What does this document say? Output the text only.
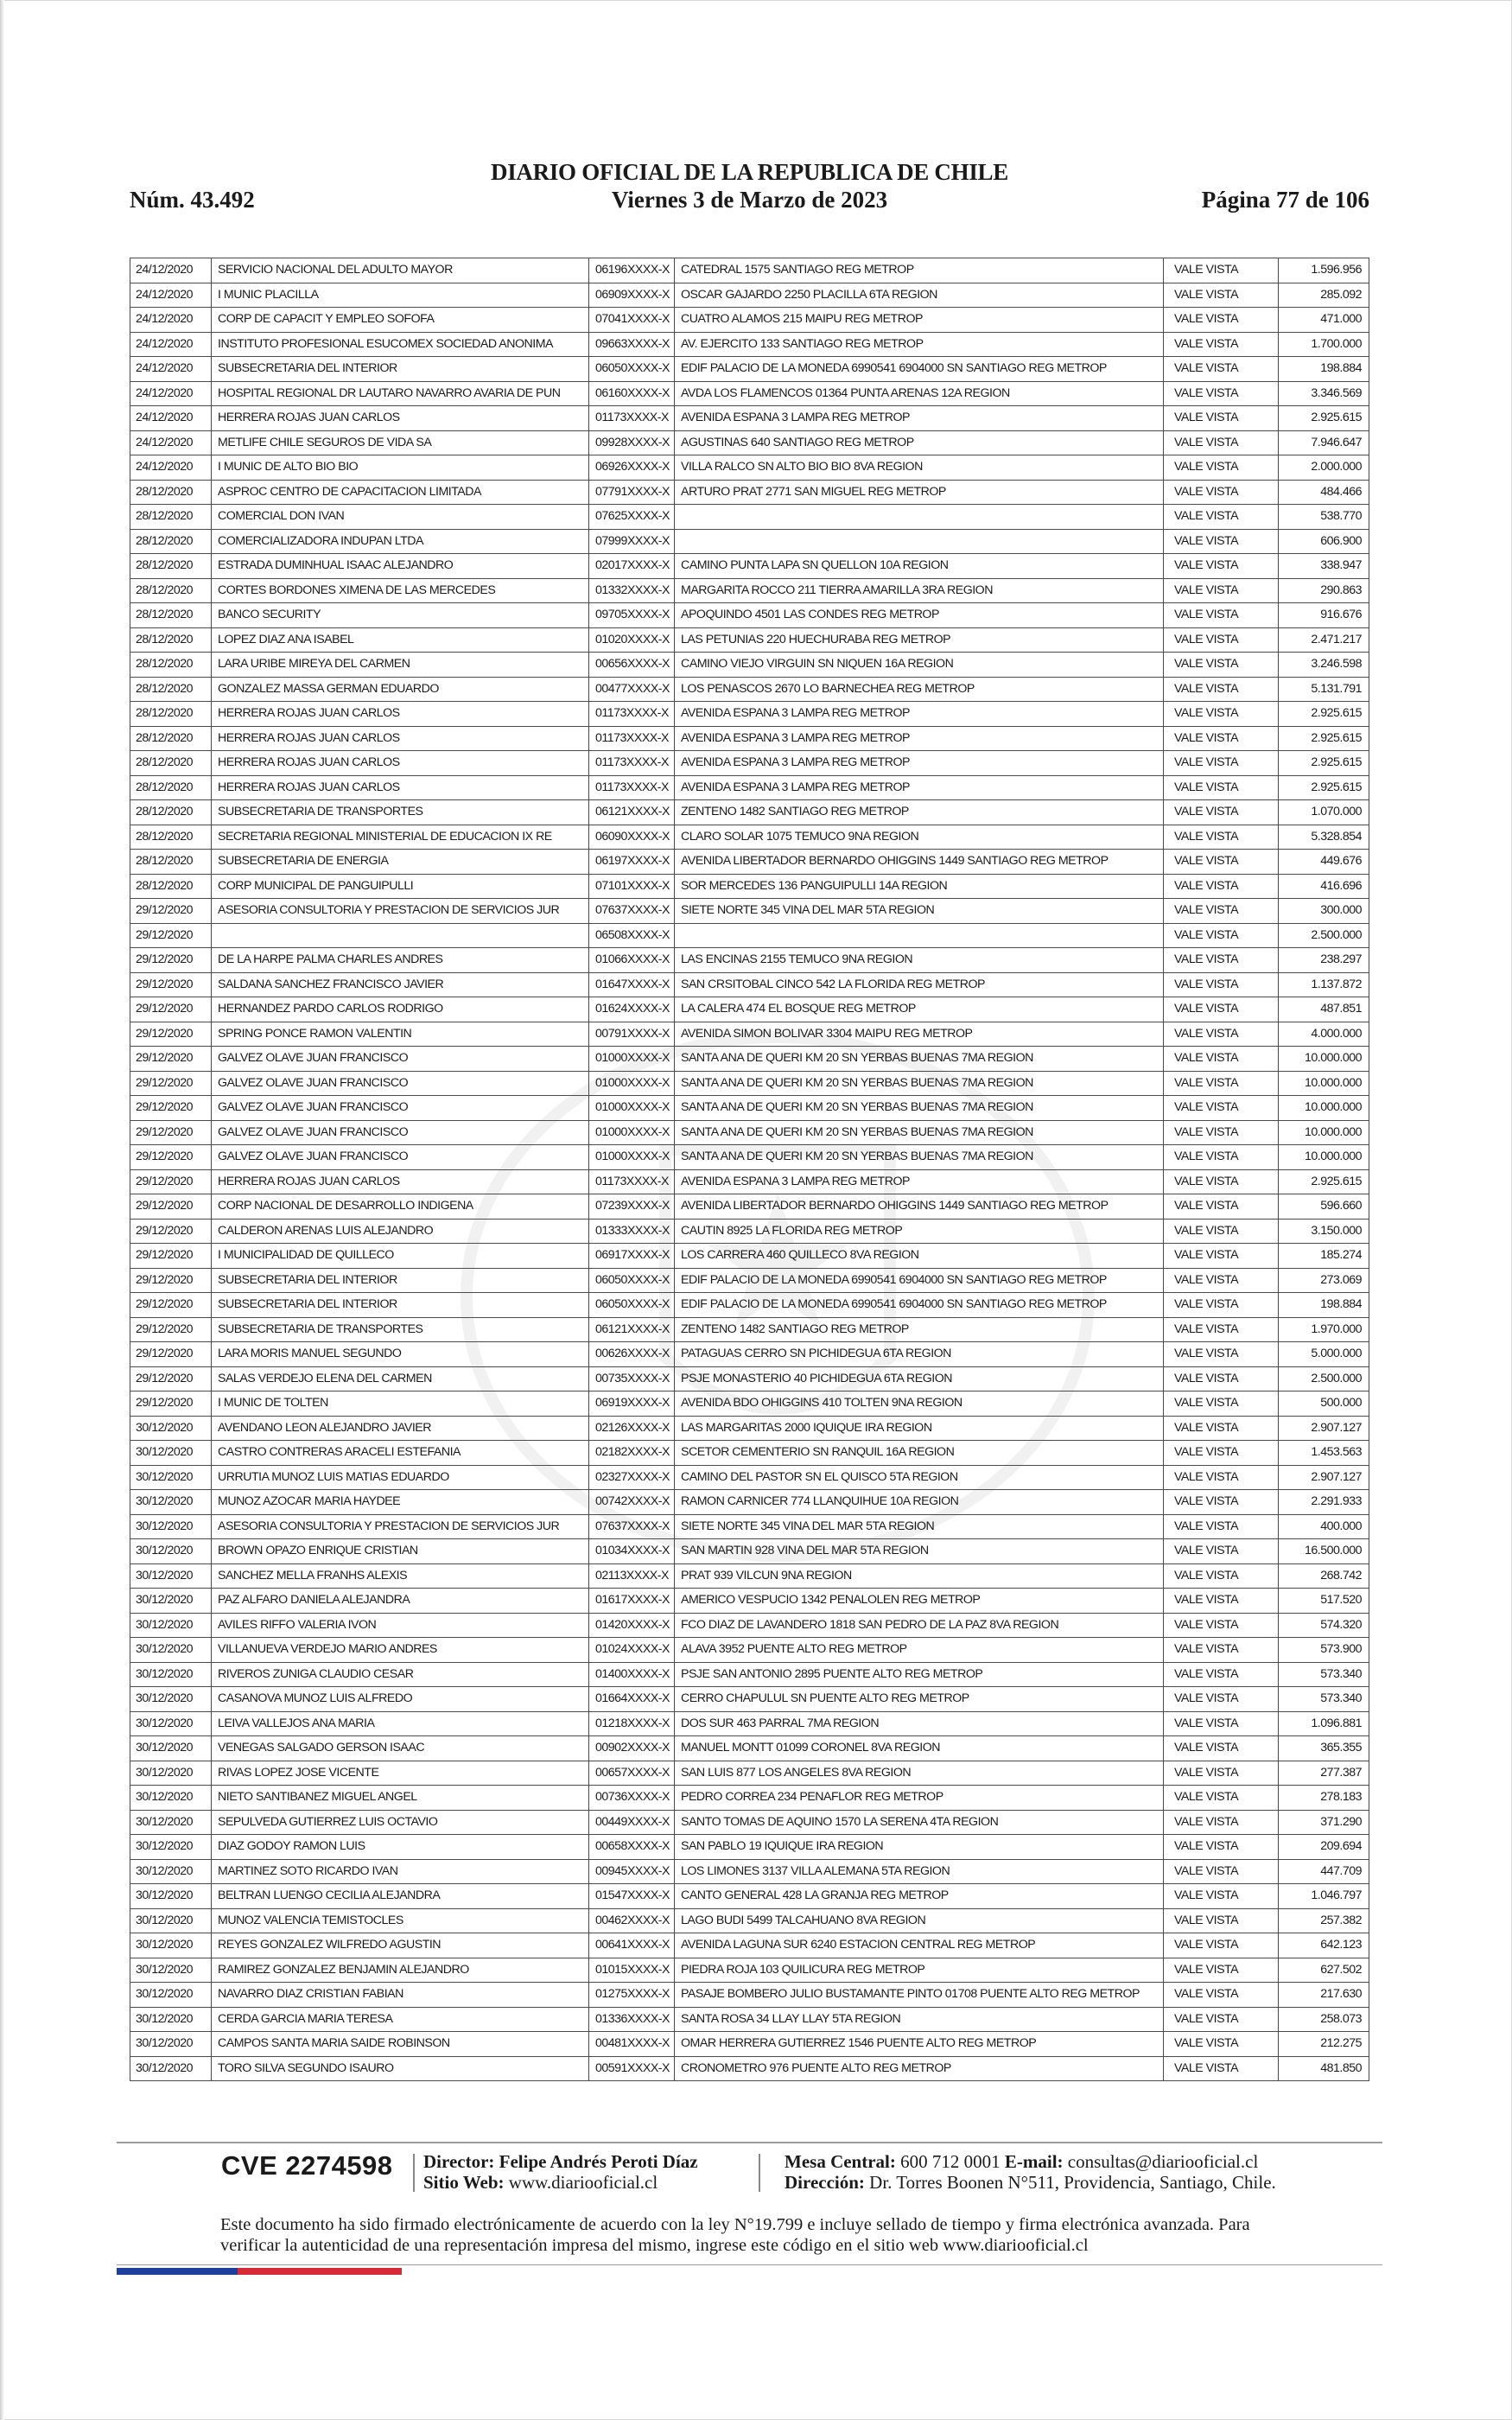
DIARIO OFICIAL DE LA REPUBLICA DE CHILE
Núm. 43.492	Viernes 3 de Marzo de 2023	Página 77 de 106
24/12/2020	SERVICIO NACIONAL DEL ADULTO MAYOR	06196XXXX-X	CATEDRAL 1575 SANTIAGO REG METROP	VALE VISTA	1.596.956
24/12/2020	I MUNIC PLACILLA	06909XXXX-X	OSCAR GAJARDO 2250 PLACILLA 6TA REGION	VALE VISTA	285.092
24/12/2020	CORP DE CAPACIT Y EMPLEO SOFOFA	07041XXXX-X	CUATRO ALAMOS 215 MAIPU REG METROP	VALE VISTA	471.000
24/12/2020	INSTITUTO PROFESIONAL ESUCOMEX SOCIEDAD ANONIMA	09663XXXX-X	AV. EJERCITO 133 SANTIAGO REG METROP	VALE VISTA	1.700.000
24/12/2020	SUBSECRETARIA DEL INTERIOR	06050XXXX-X	EDIF PALACIO DE LA MONEDA 6990541 6904000 SN SANTIAGO REG METROP	VALE VISTA	198.884
24/12/2020	HOSPITAL REGIONAL DR LAUTARO NAVARRO AVARIA DE PUN	06160XXXX-X	AVDA LOS FLAMENCOS 01364 PUNTA ARENAS 12A REGION	VALE VISTA	3.346.569
24/12/2020	HERRERA ROJAS JUAN CARLOS	01173XXXX-X	AVENIDA ESPANA 3 LAMPA REG METROP	VALE VISTA	2.925.615
24/12/2020	METLIFE CHILE SEGUROS DE VIDA SA	09928XXXX-X	AGUSTINAS 640 SANTIAGO REG METROP	VALE VISTA	7.946.647
24/12/2020	I MUNIC DE ALTO BIO BIO	06926XXXX-X	VILLA RALCO SN ALTO BIO BIO 8VA REGION	VALE VISTA	2.000.000
28/12/2020	ASPROC CENTRO DE CAPACITACION LIMITADA	07791XXXX-X	ARTURO PRAT 2771 SAN MIGUEL REG METROP	VALE VISTA	484.466
28/12/2020	COMERCIAL DON IVAN	07625XXXX-X		VALE VISTA	538.770
28/12/2020	COMERCIALIZADORA INDUPAN LTDA	07999XXXX-X		VALE VISTA	606.900
28/12/2020	ESTRADA DUMINHUAL ISAAC ALEJANDRO	02017XXXX-X	CAMINO PUNTA LAPA SN QUELLON 10A REGION	VALE VISTA	338.947
28/12/2020	CORTES BORDONES XIMENA DE LAS MERCEDES	01332XXXX-X	MARGARITA ROCCO 211 TIERRA AMARILLA 3RA REGION	VALE VISTA	290.863
28/12/2020	BANCO SECURITY	09705XXXX-X	APOQUINDO 4501 LAS CONDES REG METROP	VALE VISTA	916.676
28/12/2020	LOPEZ DIAZ ANA ISABEL	01020XXXX-X	LAS PETUNIAS 220 HUECHURABA REG METROP	VALE VISTA	2.471.217
28/12/2020	LARA URIBE MIREYA DEL CARMEN	00656XXXX-X	CAMINO VIEJO VIRGUIN SN NIQUEN 16A REGION	VALE VISTA	3.246.598
28/12/2020	GONZALEZ MASSA GERMAN EDUARDO	00477XXXX-X	LOS PENASCOS 2670 LO BARNECHEA REG METROP	VALE VISTA	5.131.791
28/12/2020	HERRERA ROJAS JUAN CARLOS	01173XXXX-X	AVENIDA ESPANA 3 LAMPA REG METROP	VALE VISTA	2.925.615
28/12/2020	HERRERA ROJAS JUAN CARLOS	01173XXXX-X	AVENIDA ESPANA 3 LAMPA REG METROP	VALE VISTA	2.925.615
28/12/2020	HERRERA ROJAS JUAN CARLOS	01173XXXX-X	AVENIDA ESPANA 3 LAMPA REG METROP	VALE VISTA	2.925.615
28/12/2020	HERRERA ROJAS JUAN CARLOS	01173XXXX-X	AVENIDA ESPANA 3 LAMPA REG METROP	VALE VISTA	2.925.615
28/12/2020	SUBSECRETARIA DE TRANSPORTES	06121XXXX-X	ZENTENO 1482 SANTIAGO REG METROP	VALE VISTA	1.070.000
28/12/2020	SECRETARIA REGIONAL MINISTERIAL DE EDUCACION IX RE	06090XXXX-X	CLARO SOLAR 1075 TEMUCO 9NA REGION	VALE VISTA	5.328.854
28/12/2020	SUBSECRETARIA DE ENERGIA	06197XXXX-X	AVENIDA LIBERTADOR BERNARDO OHIGGINS 1449 SANTIAGO REG METROP	VALE VISTA	449.676
28/12/2020	CORP MUNICIPAL DE PANGUIPULLI	07101XXXX-X	SOR MERCEDES 136 PANGUIPULLI 14A REGION	VALE VISTA	416.696
29/12/2020	ASESORIA CONSULTORIA Y PRESTACION DE SERVICIOS JUR	07637XXXX-X	SIETE NORTE 345 VINA DEL MAR 5TA REGION	VALE VISTA	300.000
29/12/2020		06508XXXX-X		VALE VISTA	2.500.000
29/12/2020	DE LA HARPE PALMA CHARLES ANDRES	01066XXXX-X	LAS ENCINAS 2155 TEMUCO 9NA REGION	VALE VISTA	238.297
29/12/2020	SALDANA SANCHEZ FRANCISCO JAVIER	01647XXXX-X	SAN CRSITOBAL CINCO 542 LA FLORIDA REG METROP	VALE VISTA	1.137.872
29/12/2020	HERNANDEZ PARDO CARLOS RODRIGO	01624XXXX-X	LA CALERA 474 EL BOSQUE REG METROP	VALE VISTA	487.851
29/12/2020	SPRING PONCE RAMON VALENTIN	00791XXXX-X	AVENIDA SIMON BOLIVAR 3304 MAIPU REG METROP	VALE VISTA	4.000.000
29/12/2020	GALVEZ OLAVE JUAN FRANCISCO	01000XXXX-X	SANTA ANA DE QUERI KM 20 SN YERBAS BUENAS 7MA REGION	VALE VISTA	10.000.000
29/12/2020	GALVEZ OLAVE JUAN FRANCISCO	01000XXXX-X	SANTA ANA DE QUERI KM 20 SN YERBAS BUENAS 7MA REGION	VALE VISTA	10.000.000
29/12/2020	GALVEZ OLAVE JUAN FRANCISCO	01000XXXX-X	SANTA ANA DE QUERI KM 20 SN YERBAS BUENAS 7MA REGION	VALE VISTA	10.000.000
29/12/2020	GALVEZ OLAVE JUAN FRANCISCO	01000XXXX-X	SANTA ANA DE QUERI KM 20 SN YERBAS BUENAS 7MA REGION	VALE VISTA	10.000.000
29/12/2020	GALVEZ OLAVE JUAN FRANCISCO	01000XXXX-X	SANTA ANA DE QUERI KM 20 SN YERBAS BUENAS 7MA REGION	VALE VISTA	10.000.000
29/12/2020	HERRERA ROJAS JUAN CARLOS	01173XXXX-X	AVENIDA ESPANA 3 LAMPA REG METROP	VALE VISTA	2.925.615
29/12/2020	CORP NACIONAL DE DESARROLLO INDIGENA	07239XXXX-X	AVENIDA LIBERTADOR BERNARDO OHIGGINS 1449 SANTIAGO REG METROP	VALE VISTA	596.660
29/12/2020	CALDERON ARENAS LUIS ALEJANDRO	01333XXXX-X	CAUTIN 8925 LA FLORIDA REG METROP	VALE VISTA	3.150.000
29/12/2020	I MUNICIPALIDAD DE QUILLECO	06917XXXX-X	LOS CARRERA 460 QUILLECO 8VA REGION	VALE VISTA	185.274
29/12/2020	SUBSECRETARIA DEL INTERIOR	06050XXXX-X	EDIF PALACIO DE LA MONEDA 6990541 6904000 SN SANTIAGO REG METROP	VALE VISTA	273.069
29/12/2020	SUBSECRETARIA DEL INTERIOR	06050XXXX-X	EDIF PALACIO DE LA MONEDA 6990541 6904000 SN SANTIAGO REG METROP	VALE VISTA	198.884
29/12/2020	SUBSECRETARIA DE TRANSPORTES	06121XXXX-X	ZENTENO 1482 SANTIAGO REG METROP	VALE VISTA	1.970.000
29/12/2020	LARA MORIS MANUEL SEGUNDO	00626XXXX-X	PATAGUAS CERRO SN PICHIDEGUA 6TA REGION	VALE VISTA	5.000.000
29/12/2020	SALAS VERDEJO ELENA DEL CARMEN	00735XXXX-X	PSJE MONASTERIO 40 PICHIDEGUA 6TA REGION	VALE VISTA	2.500.000
29/12/2020	I MUNIC DE TOLTEN	06919XXXX-X	AVENIDA BDO OHIGGINS 410 TOLTEN 9NA REGION	VALE VISTA	500.000
30/12/2020	AVENDANO LEON ALEJANDRO JAVIER	02126XXXX-X	LAS MARGARITAS 2000 IQUIQUE IRA REGION	VALE VISTA	2.907.127
30/12/2020	CASTRO CONTRERAS ARACELI ESTEFANIA	02182XXXX-X	SCETOR CEMENTERIO SN RANQUIL 16A REGION	VALE VISTA	1.453.563
30/12/2020	URRUTIA MUNOZ LUIS MATIAS EDUARDO	02327XXXX-X	CAMINO DEL PASTOR SN EL QUISCO 5TA REGION	VALE VISTA	2.907.127
30/12/2020	MUNOZ AZOCAR MARIA HAYDEE	00742XXXX-X	RAMON CARNICER 774 LLANQUIHUE 10A REGION	VALE VISTA	2.291.933
30/12/2020	ASESORIA CONSULTORIA Y PRESTACION DE SERVICIOS JUR	07637XXXX-X	SIETE NORTE 345 VINA DEL MAR 5TA REGION	VALE VISTA	400.000
30/12/2020	BROWN OPAZO ENRIQUE CRISTIAN	01034XXXX-X	SAN MARTIN 928 VINA DEL MAR 5TA REGION	VALE VISTA	16.500.000
30/12/2020	SANCHEZ MELLA FRANHS ALEXIS	02113XXXX-X	PRAT 939 VILCUN 9NA REGION	VALE VISTA	268.742
30/12/2020	PAZ ALFARO DANIELA ALEJANDRA	01617XXXX-X	AMERICO VESPUCIO 1342 PENALOLEN REG METROP	VALE VISTA	517.520
30/12/2020	AVILES RIFFO VALERIA IVON	01420XXXX-X	FCO DIAZ DE LAVANDERO 1818 SAN PEDRO DE LA PAZ 8VA REGION	VALE VISTA	574.320
30/12/2020	VILLANUEVA VERDEJO MARIO ANDRES	01024XXXX-X	ALAVA 3952 PUENTE ALTO REG METROP	VALE VISTA	573.900
30/12/2020	RIVEROS ZUNIGA CLAUDIO CESAR	01400XXXX-X	PSJE SAN ANTONIO 2895 PUENTE ALTO REG METROP	VALE VISTA	573.340
30/12/2020	CASANOVA MUNOZ LUIS ALFREDO	01664XXXX-X	CERRO CHAPULUL SN PUENTE ALTO REG METROP	VALE VISTA	573.340
30/12/2020	LEIVA VALLEJOS ANA MARIA	01218XXXX-X	DOS SUR 463 PARRAL 7MA REGION	VALE VISTA	1.096.881
30/12/2020	VENEGAS SALGADO GERSON ISAAC	00902XXXX-X	MANUEL MONTT 01099 CORONEL 8VA REGION	VALE VISTA	365.355
30/12/2020	RIVAS LOPEZ JOSE VICENTE	00657XXXX-X	SAN LUIS 877 LOS ANGELES 8VA REGION	VALE VISTA	277.387
30/12/2020	NIETO SANTIBANEZ MIGUEL ANGEL	00736XXXX-X	PEDRO CORREA 234 PENAFLOR REG METROP	VALE VISTA	278.183
30/12/2020	SEPULVEDA GUTIERREZ LUIS OCTAVIO	00449XXXX-X	SANTO TOMAS DE AQUINO 1570 LA SERENA 4TA REGION	VALE VISTA	371.290
30/12/2020	DIAZ GODOY RAMON LUIS	00658XXXX-X	SAN PABLO 19 IQUIQUE IRA REGION	VALE VISTA	209.694
30/12/2020	MARTINEZ SOTO RICARDO IVAN	00945XXXX-X	LOS LIMONES 3137 VILLA ALEMANA 5TA REGION	VALE VISTA	447.709
30/12/2020	BELTRAN LUENGO CECILIA ALEJANDRA	01547XXXX-X	CANTO GENERAL 428 LA GRANJA REG METROP	VALE VISTA	1.046.797
30/12/2020	MUNOZ VALENCIA TEMISTOCLES	00462XXXX-X	LAGO BUDI 5499 TALCAHUANO 8VA REGION	VALE VISTA	257.382
30/12/2020	REYES GONZALEZ WILFREDO AGUSTIN	00641XXXX-X	AVENIDA LAGUNA SUR 6240 ESTACION CENTRAL REG METROP	VALE VISTA	642.123
30/12/2020	RAMIREZ GONZALEZ BENJAMIN ALEJANDRO	01015XXXX-X	PIEDRA ROJA 103 QUILICURA REG METROP	VALE VISTA	627.502
30/12/2020	NAVARRO DIAZ CRISTIAN FABIAN	01275XXXX-X	PASAJE BOMBERO JULIO BUSTAMANTE PINTO 01708 PUENTE ALTO REG METROP	VALE VISTA	217.630
30/12/2020	CERDA GARCIA MARIA TERESA	01336XXXX-X	SANTA ROSA 34 LLAY LLAY 5TA REGION	VALE VISTA	258.073
30/12/2020	CAMPOS SANTA MARIA SAIDE ROBINSON	00481XXXX-X	OMAR HERRERA GUTIERREZ 1546 PUENTE ALTO REG METROP	VALE VISTA	212.275
30/12/2020	TORO SILVA SEGUNDO ISAURO	00591XXXX-X	CRONOMETRO 976 PUENTE ALTO REG METROP	VALE VISTA	481.850
CVE 2274598 Director: Felipe Andrés Peroti Díaz
Sitio Web: www.diariooficial.cl
Mesa Central: 600 712 0001 E-mail: consultas@diariooficial.cl
Dirección: Dr. Torres Boonen N°511, Providencia, Santiago, Chile.
Este documento ha sido firmado electrónicamente de acuerdo con la ley N°19.799 e incluye sellado de tiempo y firma electrónica avanzada. Para verificar la autenticidad de una representación impresa del mismo, ingrese este código en el sitio web www.diariooficial.cl
